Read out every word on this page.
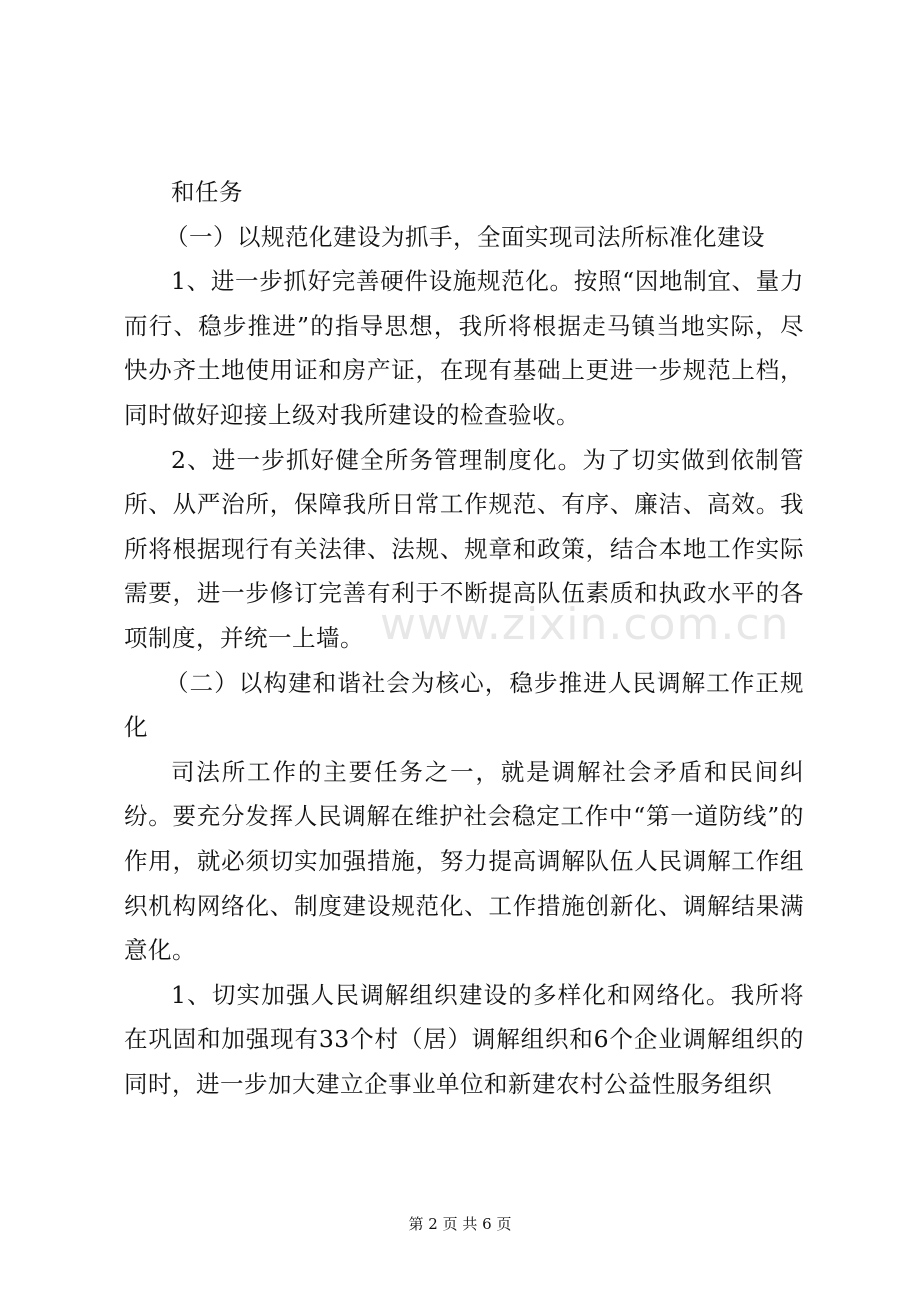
和任务

（一）以规范化建设为抓手，全面实现司法所标准化建设

1、进一步抓好完善硬件设施规范化。按照“因地制宜、量力而行、稳步推进”的指导思想，我所将根据走马镇当地实际，尽快办齐土地使用证和房产证，在现有基础上更进一步规范上档，同时做好迎接上级对我所建设的检查验收。

2、进一步抓好健全所务管理制度化。为了切实做到依制管所、从严治所，保障我所日常工作规范、有序、廉洁、高效。我所将根据现行有关法律、法规、规章和政策，结合本地工作实际需要，进一步修订完善有利于不断提高队伍素质和执政水平的各项制度，并统一上墙。

（二）以构建和谐社会为核心，稳步推进人民调解工作正规化

司法所工作的主要任务之一，就是调解社会矛盾和民间纠纷。要充分发挥人民调解在维护社会稳定工作中“第一道防线”的作用，就必须切实加强措施，努力提高调解队伍人民调解工作组织机构网络化、制度建设规范化、工作措施创新化、调解结果满意化。

1、切实加强人民调解组织建设的多样化和网络化。我所将在巩固和加强现有33个村（居）调解组织和6个企业调解组织的同时，进一步加大建立企事业单位和新建农村公益性服务组织

www.zixin.com.cn
第 2 页 共 6 页
